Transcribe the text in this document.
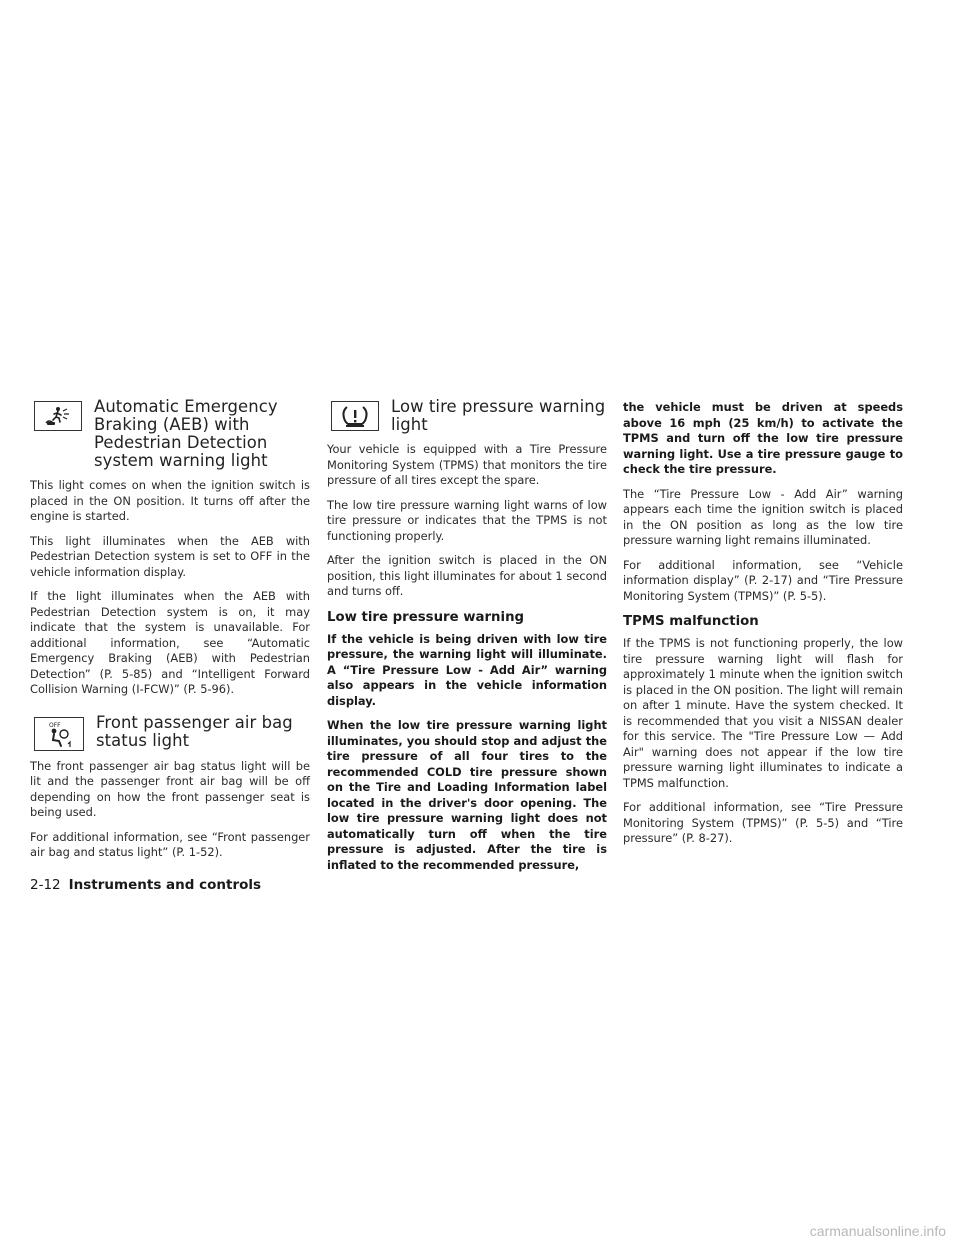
Automatic Emergency Braking (AEB) with Pedestrian Detection system warning light

This light comes on when the ignition switch is placed in the ON position. It turns off after the engine is started.

This light illuminates when the AEB with Pedestrian Detection system is set to OFF in the vehicle information display.

If the light illuminates when the AEB with Pedestrian Detection system is on, it may indicate that the system is unavailable. For additional information, see “Automatic Emergency Braking (AEB) with Pedestrian Detection” (P. 5-85) and “Intelligent Forward Collision Warning (I-FCW)” (P. 5-96).

OFF Front passenger air bag status light

The front passenger air bag status light will be lit and the passenger front air bag will be off depending on how the front passenger seat is being used.

For additional information, see “Front passenger air bag and status light” (P. 1-52).

Low tire pressure warning light

Your vehicle is equipped with a Tire Pressure Monitoring System (TPMS) that monitors the tire pressure of all tires except the spare.

The low tire pressure warning light warns of low tire pressure or indicates that the TPMS is not functioning properly.

After the ignition switch is placed in the ON position, this light illuminates for about 1 second and turns off.

Low tire pressure warning

If the vehicle is being driven with low tire pressure, the warning light will illuminate. A “Tire Pressure Low - Add Air” warning also appears in the vehicle information display.

When the low tire pressure warning light illuminates, you should stop and adjust the tire pressure of all four tires to the recommended COLD tire pressure shown on the Tire and Loading Information label located in the driver's door opening. The low tire pressure warning light does not automatically turn off when the tire pressure is adjusted. After the tire is inflated to the recommended pressure,

the vehicle must be driven at speeds above 16 mph (25 km/h) to activate the TPMS and turn off the low tire pressure warning light. Use a tire pressure gauge to check the tire pressure.

The “Tire Pressure Low - Add Air” warning appears each time the ignition switch is placed in the ON position as long as the low tire pressure warning light remains illuminated.

For additional information, see “Vehicle information display” (P. 2-17) and “Tire Pressure Monitoring System (TPMS)” (P. 5-5).

TPMS malfunction

If the TPMS is not functioning properly, the low tire pressure warning light will flash for approximately 1 minute when the ignition switch is placed in the ON position. The light will remain on after 1 minute. Have the system checked. It is recommended that you visit a NISSAN dealer for this service. The "Tire Pressure Low — Add Air" warning does not appear if the low tire pressure warning light illuminates to indicate a TPMS malfunction.

For additional information, see “Tire Pressure Monitoring System (TPMS)” (P. 5-5) and “Tire pressure” (P. 8-27).

2-12 Instruments and controls
carmanualsonline.info
